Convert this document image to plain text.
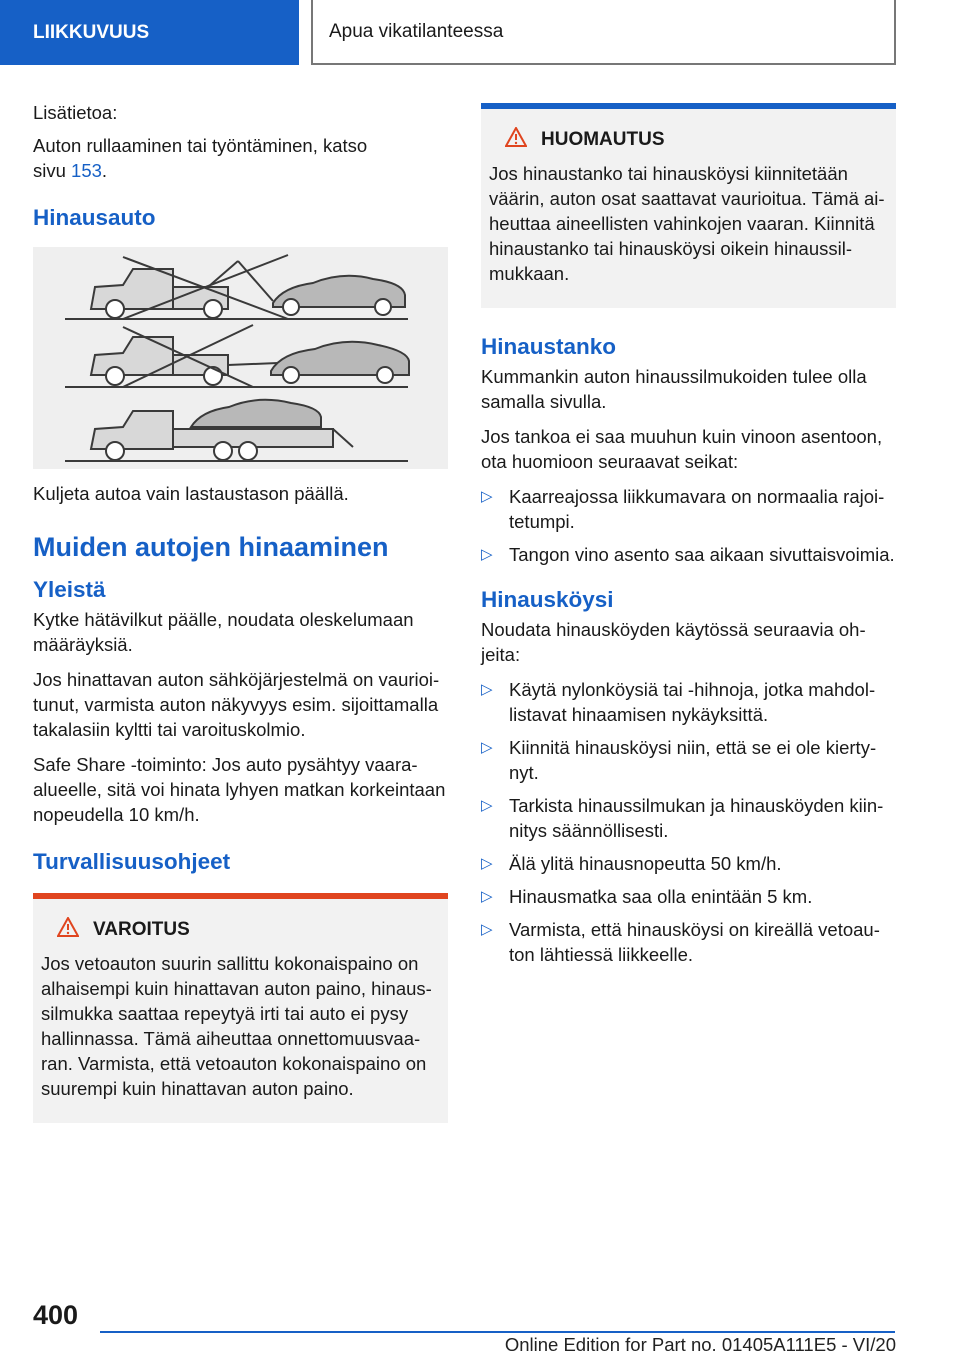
LIIKKUVUUS	Apua vikatilanteessa

Lisätietoa:

Auton rullaaminen tai työntäminen, katso
sivu 153.

Hinausauto

Kuljeta autoa vain lastaustason päällä.

Muiden autojen hinaaminen
Yleistä

Kytke hätävilkut päälle, noudata oleskelumaan määräyksiä.

Jos hinattavan auton sähköjärjestelmä on vaurioitunut, varmista auton näkyvyys esim. sijoittamalla takalasiin kyltti tai varoituskolmio.

Safe Share -toiminto: Jos auto pysähtyy vaaraalueelle, sitä voi hinata lyhyen matkan korkeintaan nopeudella 10 km/h.

Turvallisuusohjeet
VAROITUS

Jos vetoauton suurin sallittu kokonaispaino on alhaisempi kuin hinattavan auton paino, hinaussilmukka saattaa repeytyä irti tai auto ei pysy hallinnassa. Tämä aiheuttaa onnettomuusvaaran. Varmista, että vetoauton kokonaispaino on suurempi kuin hinattavan auton paino.

HUOMAUTUS

Jos hinaustanko tai hinausköysi kiinnitetään väärin, auton osat saattavat vaurioitua. Tämä aiheuttaa aineellisten vahinkojen vaaran. Kiinnitä hinaustanko tai hinausköysi oikein hinaussilmukkaan.

Hinaustanko

Kummankin auton hinaussilmukoiden tulee olla samalla sivulla.

Jos tankoa ei saa muuhun kuin vinoon asentoon, ota huomioon seuraavat seikat:

▷ Kaarreajossa liikkumavara on normaalia rajoitetumpi.
▷ Tangon vino asento saa aikaan sivuttaisvoimia.
Hinausköysi

Noudata hinausköyden käytössä seuraavia ohjeita:

▷ Käytä nylonköysiä tai -hihnoja, jotka mahdollistavat hinaamisen nykäyksittä.
▷ Kiinnitä hinausköysi niin, että se ei ole kiertynyt.
▷ Tarkista hinaussilmukan ja hinausköyden kiinnitys säännöllisesti.
▷ Älä ylitä hinausnopeutta 50 km/h.
▷ Hinausmatka saa olla enintään 5 km.
▷ Varmista, että hinausköysi on kireällä vetoauton lähtiessä liikkeelle.
400
Online Edition for Part no. 01405A111E5 - VI/20
